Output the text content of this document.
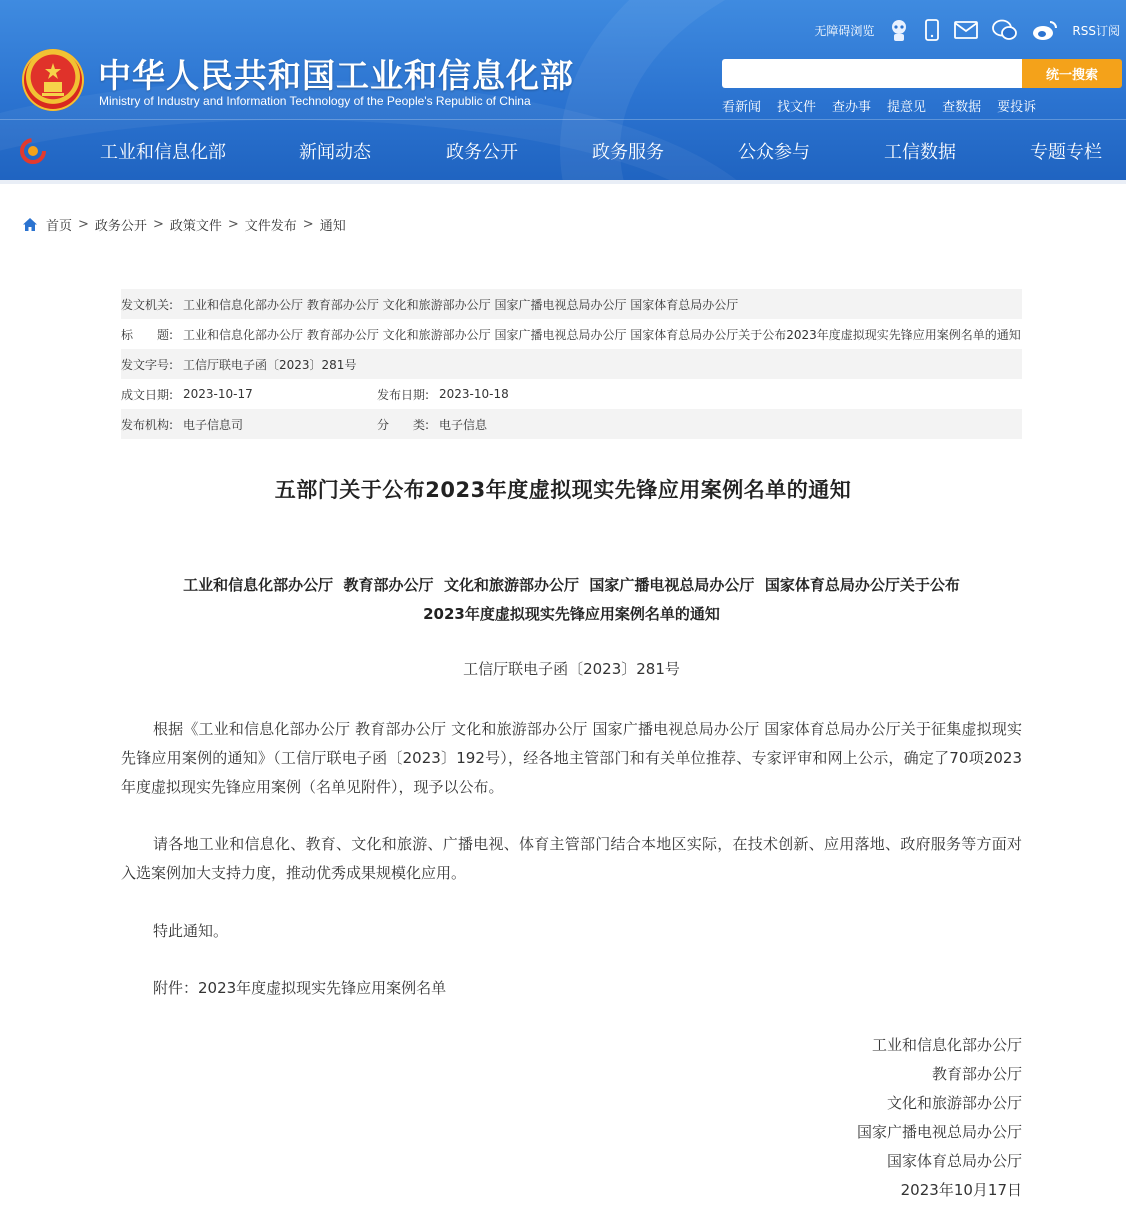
中华人民共和国工业和信息化部
Ministry of Industry and Information Technology of the People's Republic of China
无障碍浏览	RSS订阅
统一搜索
看新闻 找文件 查办事 提意见 查数据 要投诉
工业和信息化部	新闻动态	政务公开	政务服务	公众参与	工信数据	专题专栏
首页 > 政务公开 > 政策文件 > 文件发布 > 通知
发文机关: 工业和信息化部办公厅 教育部办公厅 文化和旅游部办公厅 国家广播电视总局办公厅 国家体育总局办公厅
标　　题: 工业和信息化部办公厅 教育部办公厅 文化和旅游部办公厅 国家广播电视总局办公厅 国家体育总局办公厅关于公布2023年度虚拟现实先锋应用案例名单的通知
发文字号: 工信厅联电子函〔2023〕281号
成文日期: 2023-10-17	发布日期: 2023-10-18
发布机构: 电子信息司	分　　类: 电子信息
五部门关于公布2023年度虚拟现实先锋应用案例名单的通知
工业和信息化部办公厅  教育部办公厅  文化和旅游部办公厅  国家广播电视总局办公厅  国家体育总局办公厅关于公布
2023年度虚拟现实先锋应用案例名单的通知
工信厅联电子函〔2023〕281号

根据《工业和信息化部办公厅 教育部办公厅 文化和旅游部办公厅 国家广播电视总局办公厅 国家体育总局办公厅关于征集虚拟现实先锋应用案例的通知》（工信厅联电子函〔2023〕192号），经各地主管部门和有关单位推荐、专家评审和网上公示，确定了70项2023年度虚拟现实先锋应用案例（名单见附件），现予以公布。

请各地工业和信息化、教育、文化和旅游、广播电视、体育主管部门结合本地区实际，在技术创新、应用落地、政府服务等方面对入选案例加大支持力度，推动优秀成果规模化应用。

特此通知。

附件：2023年度虚拟现实先锋应用案例名单

工业和信息化部办公厅
教育部办公厅
文化和旅游部办公厅
国家广播电视总局办公厅
国家体育总局办公厅
2023年10月17日
